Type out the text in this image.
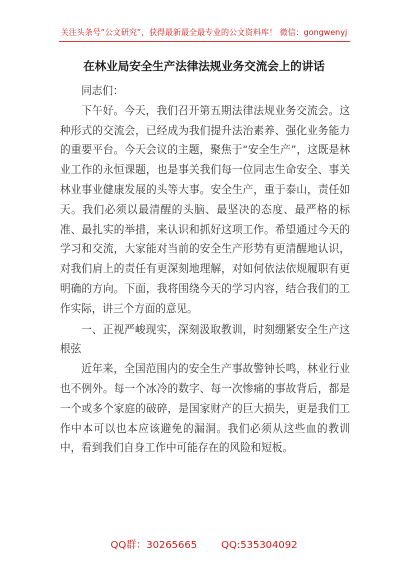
关注头条号“公文研究”，获得最新最全最专业的公文资料库！ 微信：gongwenyj
在林业局安全生产法律法规业务交流会上的讲话

同志们：

下午好。今天，我们召开第五期法律法规业务交流会。这种形式的交流会，已经成为我们提升法治素养、强化业务能力的重要平台。今天会议的主题，聚焦于“安全生产”，这既是林业工作的永恒课题，也是事关我们每一位同志生命安全、事关林业事业健康发展的头等大事。安全生产，重于泰山，责任如天。我们必须以最清醒的头脑、最坚决的态度、最严格的标准、最扎实的举措，来认识和抓好这项工作。希望通过今天的学习和交流，大家能对当前的安全生产形势有更清醒地认识，对我们肩上的责任有更深刻地理解，对如何依法依规履职有更明确的方向。下面，我将围绕今天的学习内容，结合我们的工作实际，讲三个方面的意见。

一、正视严峻现实，深刻汲取教训，时刻绷紧安全生产这根弦

近年来，全国范围内的安全生产事故警钟长鸣，林业行业也不例外。每一个冰冷的数字、每一次惨痛的事故背后，都是一个或多个家庭的破碎，是国家财产的巨大损失，更是我们工作中本可以也本应该避免的漏洞。我们必须从这些血的教训中，看到我们自身工作中可能存在的风险和短板。

QQ群：30265665 QQ:535304092
